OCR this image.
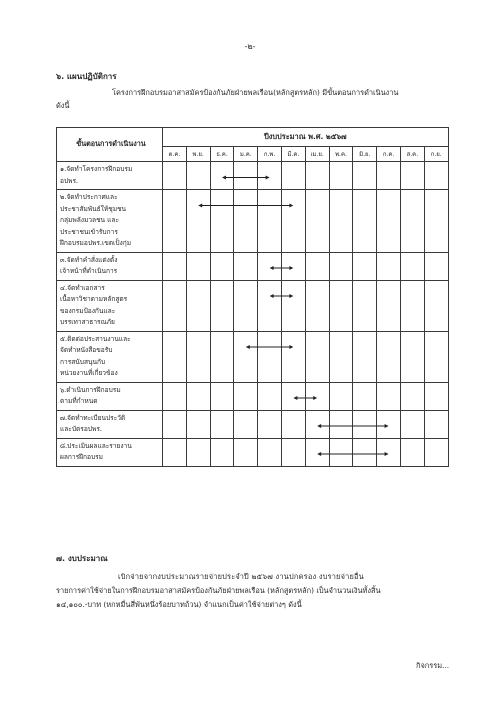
-๒-
๖. แผนปฏิบัติการ
โครงการฝึกอบรมอาสาสมัครป้องกันภัยฝ่ายพลเรือน(หลักสูตรหลัก) มีขั้นตอนการดำเนินงาน
ดังนี้
ขั้นตอนการดำเนินงาน	ปีงบประมาณ พ.ศ. ๒๕๖๗											
	ต.ค.	พ.ย.	ธ.ค.	ม.ค.	ก.พ.	มี.ค.	เม.ย.	พ.ค.	มิ.ย.	ก.ค.	ส.ค.	ก.ย.

๑.จัดทำโครงการฝึกอบรม
อปพร.												

๒.จัดทำประกาศและ
ประชาสัมพันธ์ให้ชุมชน
กลุ่มพลังมวลชน และ
ประชาชนเข้ารับการ
ฝึกอบรมอปพร.เขตเป็งกุ่ม												

๓.จัดทำคำสั่งแต่งตั้ง
เจ้าหน้าที่ดำเนินการ												

๔.จัดทำเอกสาร
เนื้อหาวิชาตามหลักสูตร
ของกรมป้องกันและ
บรรเทาสาธารณภัย												

๕.ติดต่อประสานงานและ
จัดทำหนังสือขอรับ
การสนับสนุนกับ
หน่วยงานที่เกี่ยวข้อง												

๖.ดำเนินการฝึกอบรม
ตามที่กำหนด												

๗.จัดทำทะเบียนประวัติ
และบัตรอปพร.												

๘.ประเมินผลและรายงาน
ผลการฝึกอบรม												

๗. งบประมาณ
เบิกจ่ายจากงบประมาณรายจ่ายประจำปี ๒๕๖๗ งานปกครอง งบรายจ่ายอื่น
รายการค่าใช้จ่ายในการฝึกอบรมอาสาสมัครป้องกันภัยฝ่ายพลเรือน (หลักสูตรหลัก) เป็นจำนวนเงินทั้งสิ้น
๑๔,๑๐๐.-บาท (หกหมื่นสี่พันหนึ่งร้อยบาทถ้วน) จำแนกเป็นค่าใช้จ่ายต่างๆ ดังนี้
กิจกรรม...
